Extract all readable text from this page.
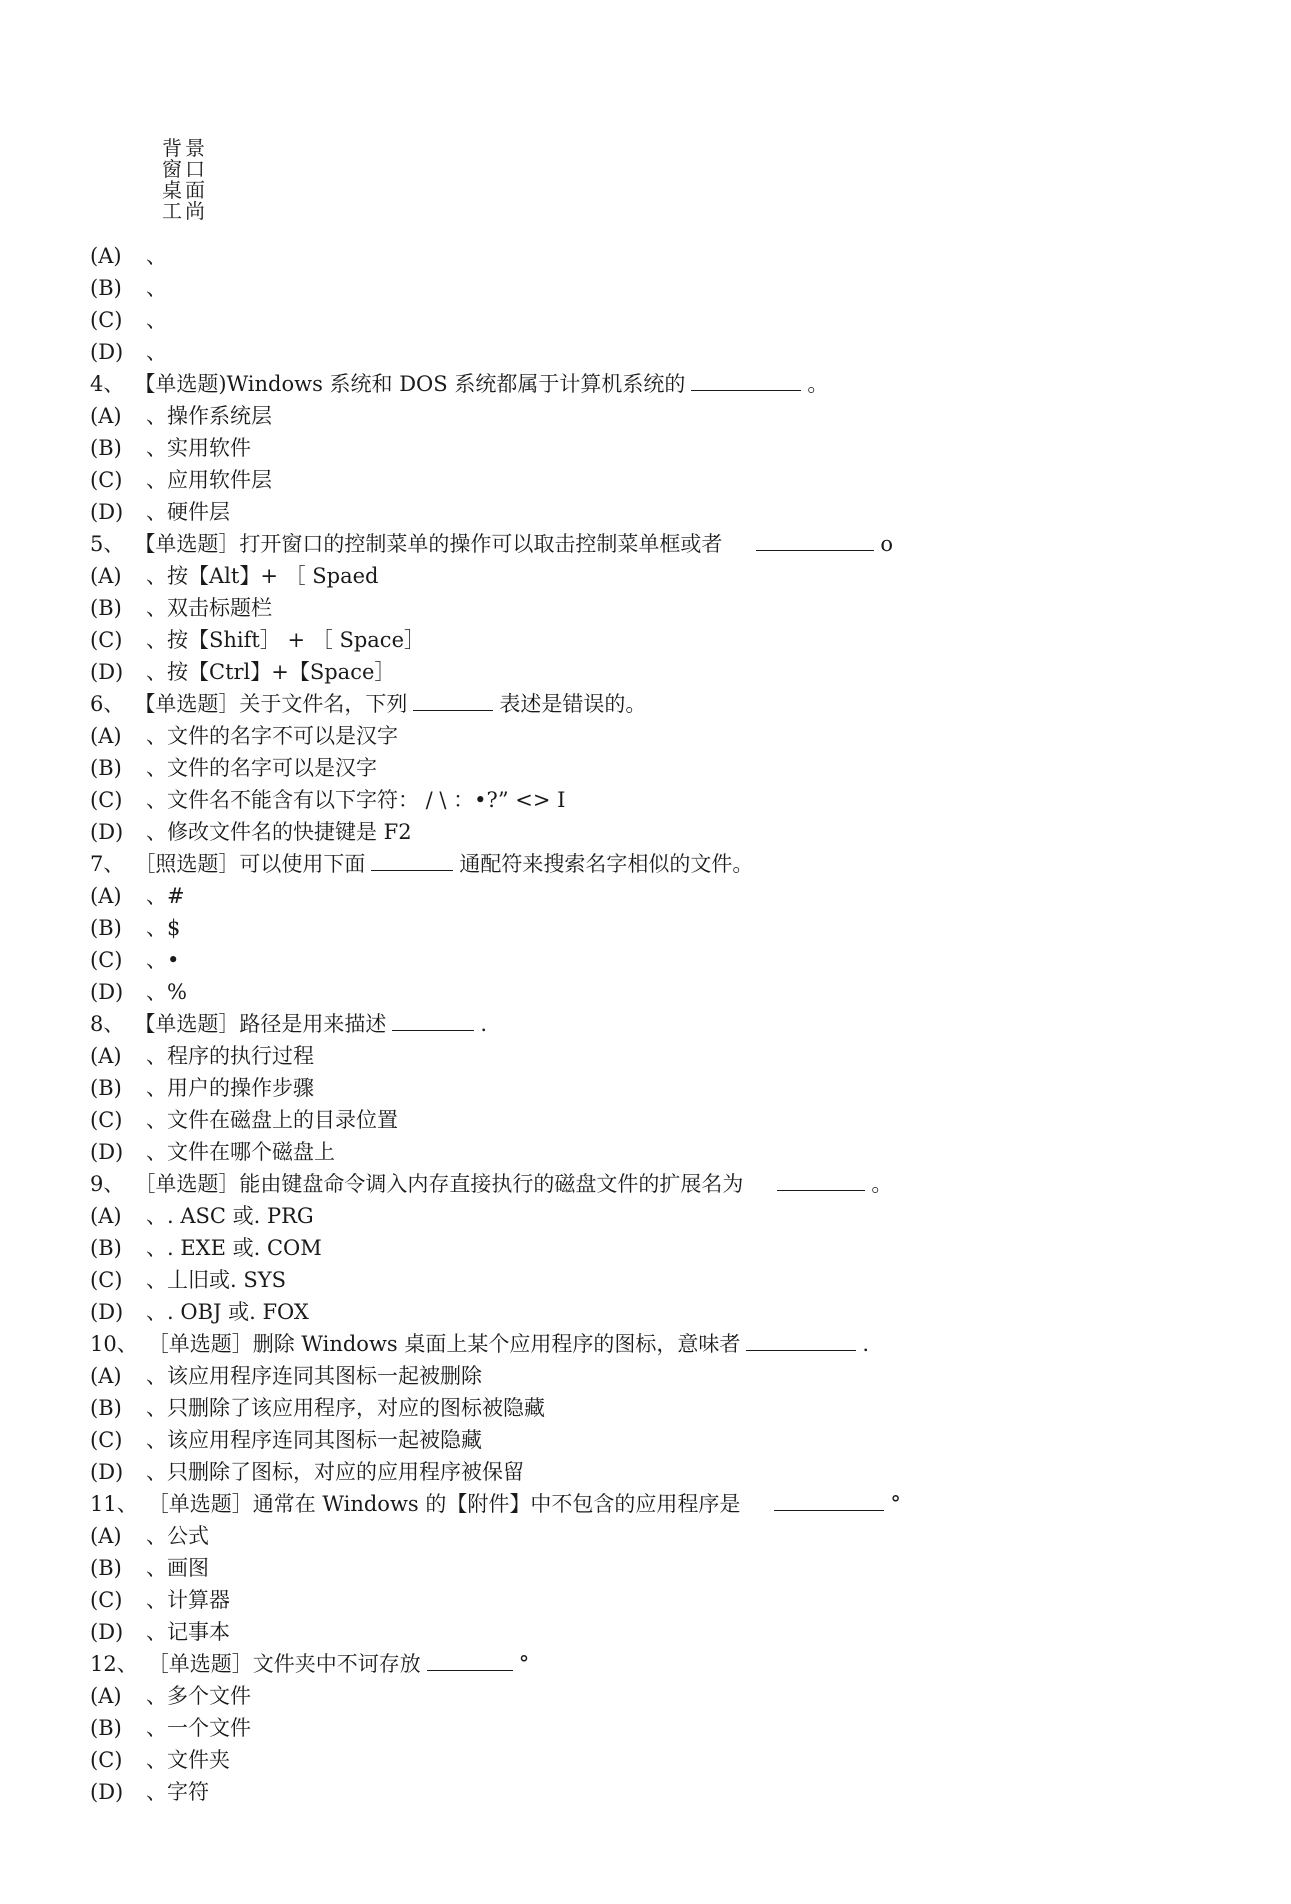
背景
窗口
桌面
工尚
(A) 、
(B) 、
(C) 、
(D) 、
4、 【单选题)Windows 系统和 DOS 系统都属于计算机系统的	。
(A) 、操作系统层
(B) 、实用软件
(C) 、应用软件层
(D) 、硬件层
5、 【单选题］打开窗口的控制菜单的操作可以取击控制菜单框或者	o
(A) 、按【Alt】+ ［ Spaed
(B) 、双击标题栏
(C) 、按【Shift］ + ［ Space］
(D) 、按【Ctrl】+【Space］
6、 【单选题］关于文件名，下列	表述是错误的。
(A) 、文件的名字不可以是汉字
(B) 、文件的名字可以是汉字
(C) 、文件名不能含有以下字符： / \ ：•?” <> I
(D) 、修改文件名的快捷键是 F2
7、 ［照选题］可以使用下面	通配符来搜索名字相似的文件。
(A) 、#
(B) 、$
(C) 、•
(D) 、%
8、 【单选题］路径是用来描述	.
(A) 、程序的执行过程
(B) 、用户的操作步骤
(C) 、文件在磁盘上的目录位置
(D) 、文件在哪个磁盘上
9、 ［单选题］能由键盘命令调入内存直接执行的磁盘文件的扩展名为	。
(A) 、. ASC 或. PRG
(B) 、. EXE 或. COM
(C) 、丄旧或. SYS
(D) 、. OBJ 或. FOX
10、 ［单选题］删除 Windows 桌面上某个应用程序的图标，意味者	.
(A) 、该应用程序连同其图标一起被删除
(B) 、只删除了该应用程序，对应的图标被隐藏
(C) 、该应用程序连同其图标一起被隐藏
(D) 、只删除了图标，对应的应用程序被保留
11、 ［单选题］通常在 Windows 的【附件】中不包含的应用程序是	°
(A) 、公式
(B) 、画图
(C) 、计算器
(D) 、记事本
12、 ［单选题］文件夹中不诃存放	°
(A) 、多个文件
(B) 、一个文件
(C) 、文件夹
(D) 、字符
